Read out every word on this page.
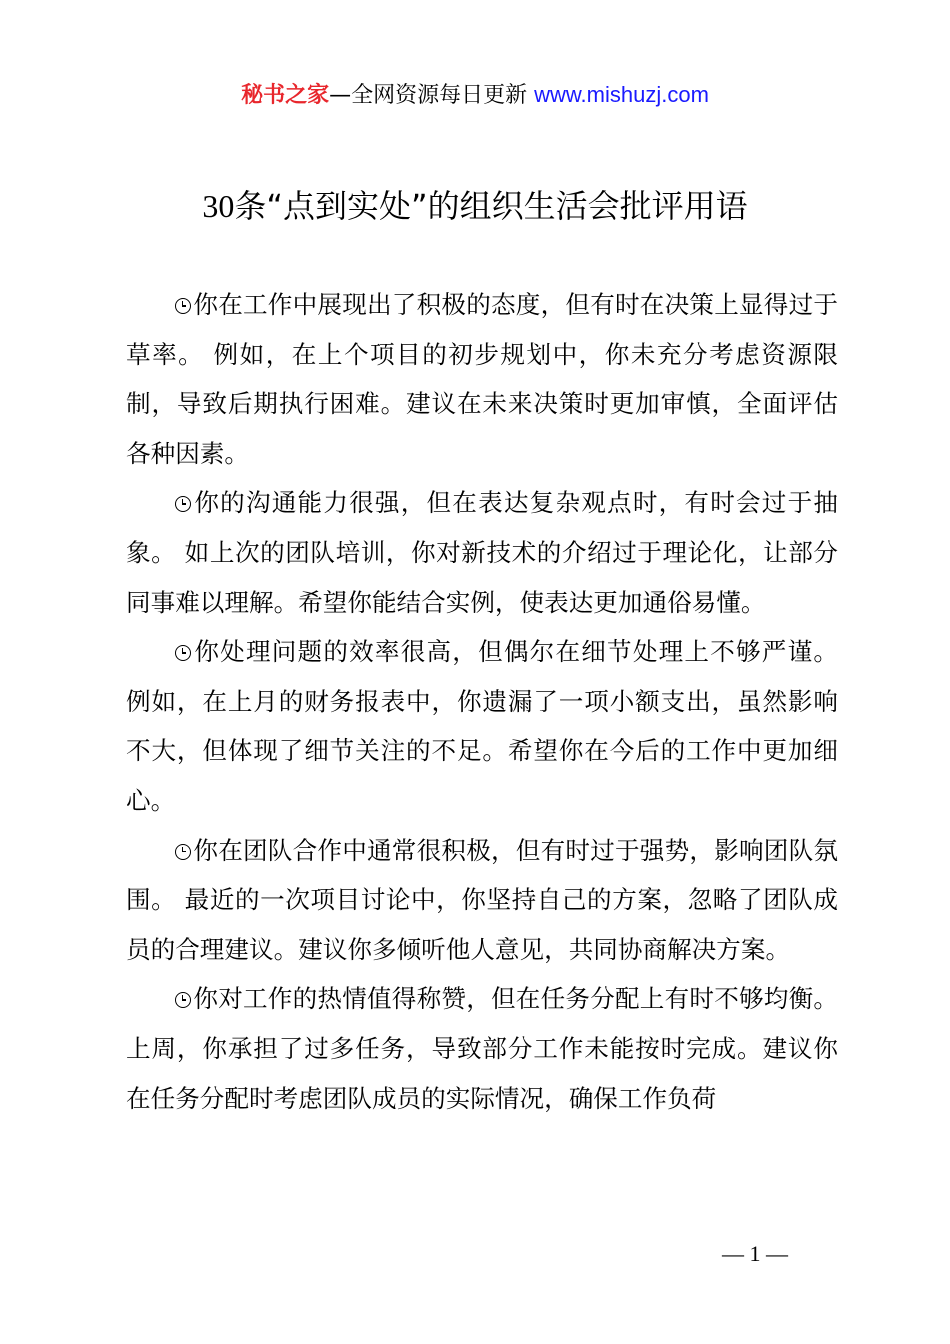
秘书之家—全网资源每日更新 www.mishuzj.com
30条“点到实处”的组织生活会批评用语

你在工作中展现出了积极的态度，但有时在决策上显得过于草率。 例如，在上个项目的初步规划中，你未充分考虑资源限制，导致后期执行困难。建议在未来决策时更加审慎，全面评估各种因素。

你的沟通能力很强，但在表达复杂观点时，有时会过于抽象。 如上次的团队培训，你对新技术的介绍过于理论化，让部分同事难以理解。希望你能结合实例，使表达更加通俗易懂。

你处理问题的效率很高，但偶尔在细节处理上不够严谨。 例如，在上月的财务报表中，你遗漏了一项小额支出，虽然影响不大，但体现了细节关注的不足。希望你在今后的工作中更加细心。

你在团队合作中通常很积极，但有时过于强势，影响团队氛围。 最近的一次项目讨论中，你坚持自己的方案，忽略了团队成员的合理建议。建议你多倾听他人意见，共同协商解决方案。

你对工作的热情值得称赞，但在任务分配上有时不够均衡。 上周，你承担了过多任务，导致部分工作未能按时完成。建议你在任务分配时考虑团队成员的实际情况，确保工作负荷

— 1 —
